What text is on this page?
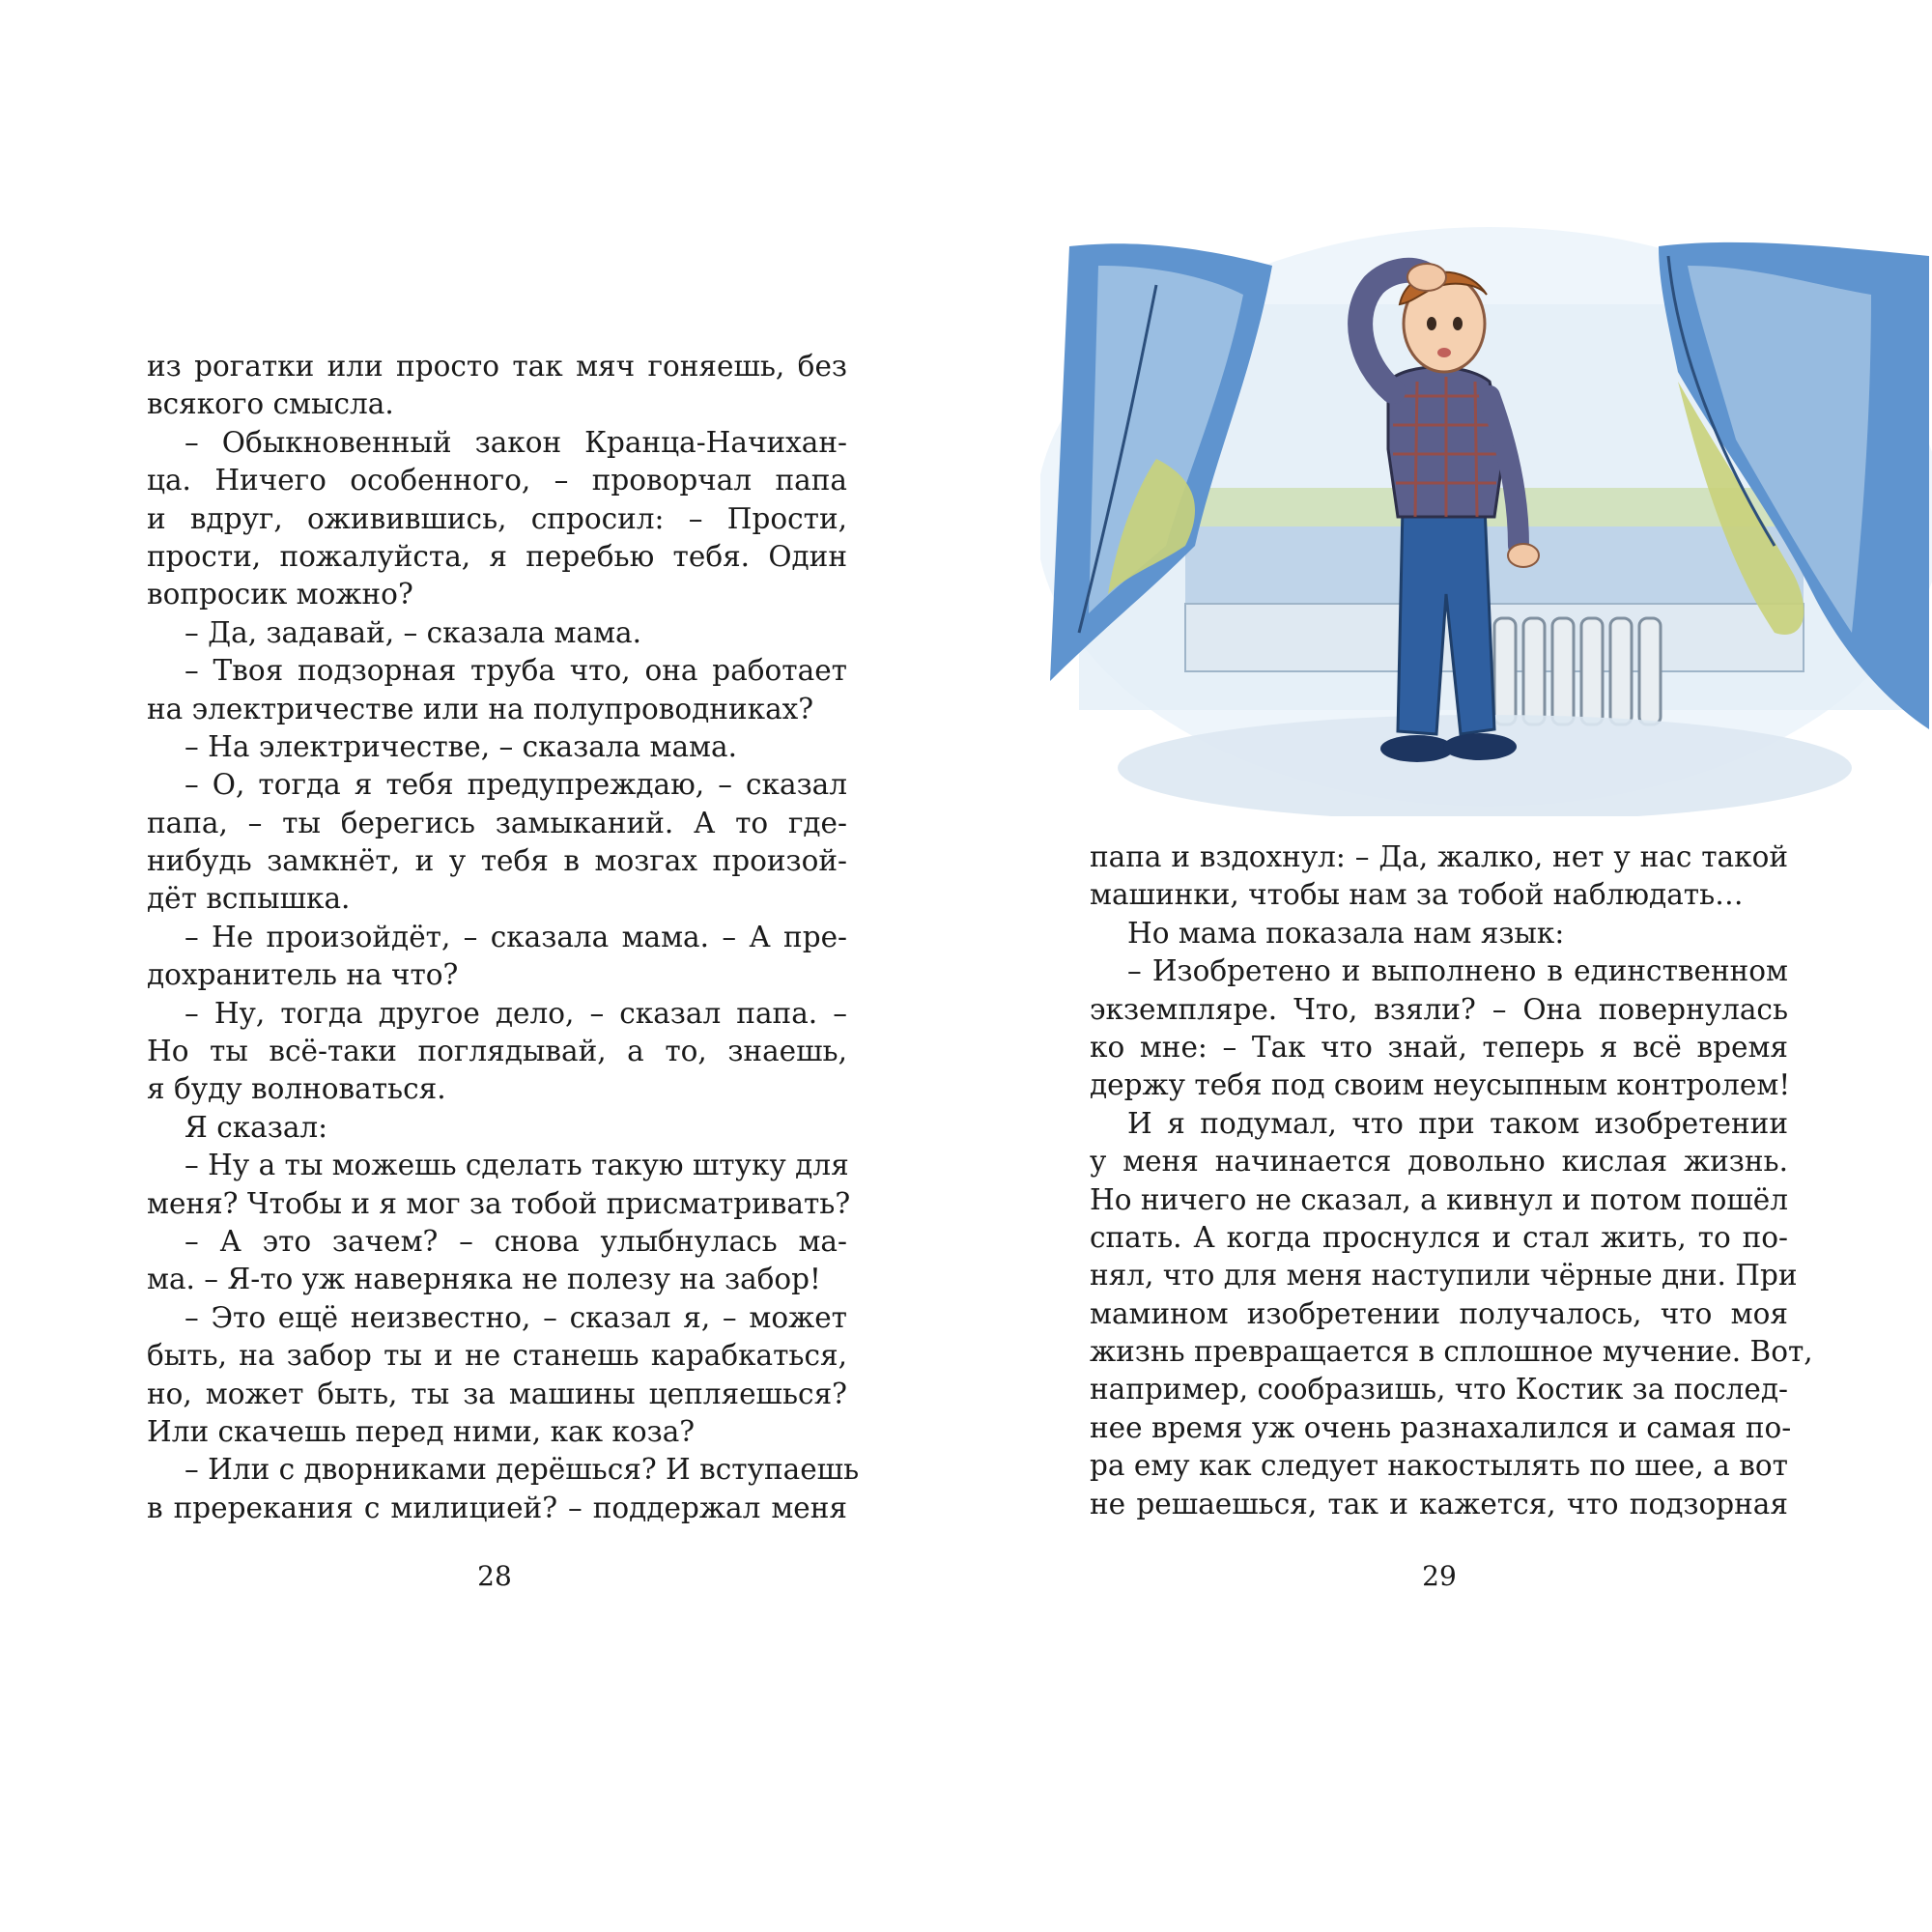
из рогатки или просто так мяч гоняешь, без
всякого смысла.
– Обыкновенный закон Кранца-Начихан-
ца. Ничего особенного, – проворчал папа
и вдруг, оживившись, спросил: – Прости,
прости, пожалуйста, я перебью тебя. Один
вопросик можно?
– Да, задавай, – сказала мама.
– Твоя подзорная труба что, она работает
на электричестве или на полупроводниках?
– На электричестве, – сказала мама.
– О, тогда я тебя предупреждаю, – сказал
папа, – ты берегись замыканий. А то где-
нибудь замкнёт, и у тебя в мозгах произой-
дёт вспышка.
– Не произойдёт, – сказала мама. – А пре-
дохранитель на что?
– Ну, тогда другое дело, – сказал папа. –
Но ты всё-таки поглядывай, а то, знаешь,
я буду волноваться.
Я сказал:
– Ну а ты можешь сделать такую штуку для
меня? Чтобы и я мог за тобой присматривать?
– А это зачем? – снова улыбнулась ма-
ма. – Я-то уж наверняка не полезу на забор!
– Это ещё неизвестно, – сказал я, – может
быть, на забор ты и не станешь карабкаться,
но, может быть, ты за машины цепляешься?
Или скачешь перед ними, как коза?
– Или с дворниками дерёшься? И вступаешь
в пререкания с милицией? – поддержал меня
28
папа и вздохнул: – Да, жалко, нет у нас такой
машинки, чтобы нам за тобой наблюдать…
Но мама показала нам язык:
– Изобретено и выполнено в единственном
экземпляре. Что, взяли? – Она повернулась
ко мне: – Так что знай, теперь я всё время
держу тебя под своим неусыпным контролем!
И я подумал, что при таком изобретении
у меня начинается довольно кислая жизнь.
Но ничего не сказал, а кивнул и потом пошёл
спать. А когда проснулся и стал жить, то по-
нял, что для меня наступили чёрные дни. При
мамином изобретении получалось, что моя
жизнь превращается в сплошное мучение. Вот,
например, сообразишь, что Костик за послед-
нее время уж очень разнахалился и самая по-
ра ему как следует накостылять по шее, а вот
не решаешься, так и кажется, что подзорная
29
